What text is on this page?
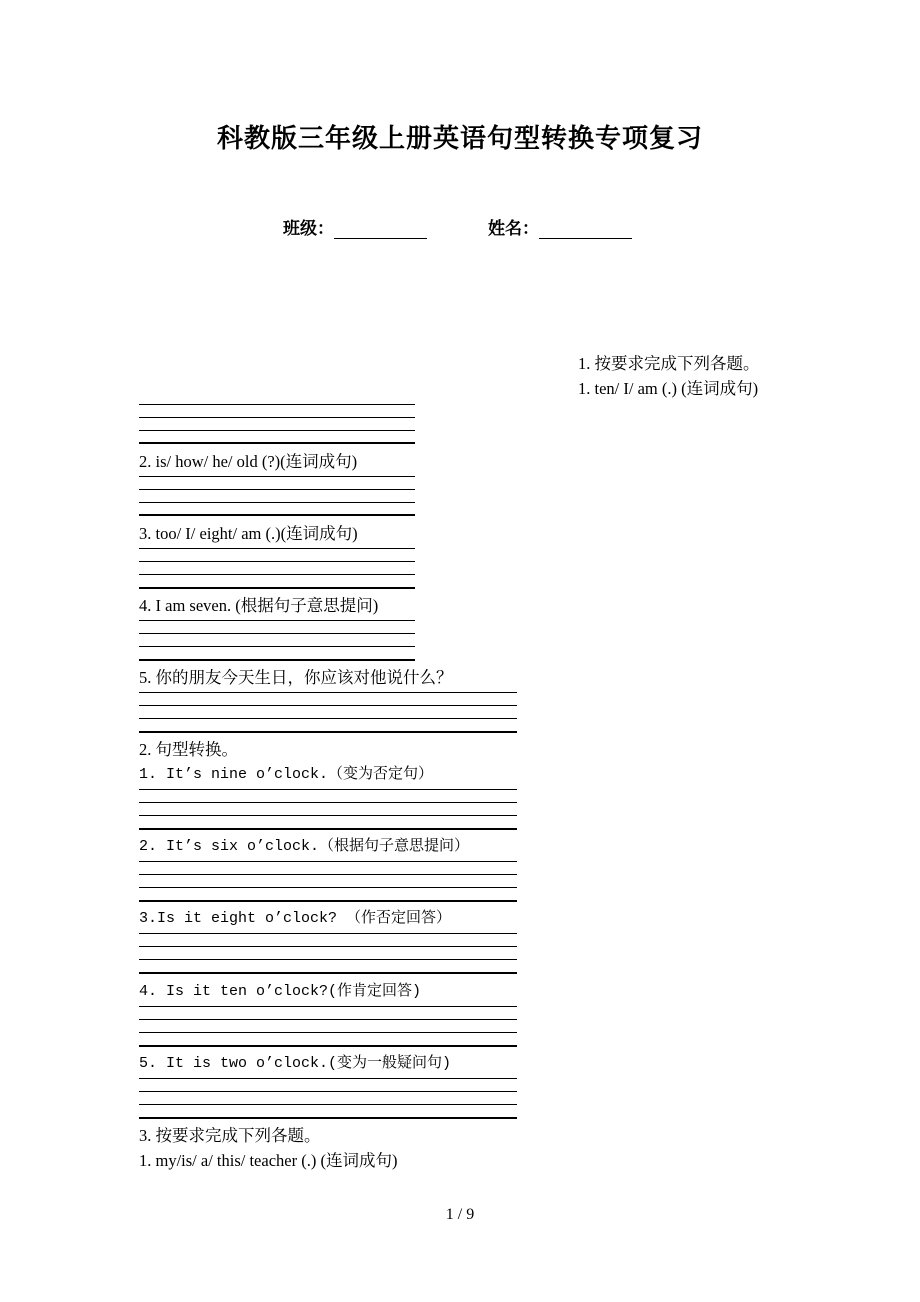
科教版三年级上册英语句型转换专项复习
班级：	姓名：
1. 按要求完成下列各题。
1. ten/ I/ am (.) (连词成句)
2. is/ how/ he/ old (?)(连词成句)
3. too/ I/ eight/ am (.)(连词成句)
4. I am seven. (根据句子意思提问)
5. 你的朋友今天生日，你应该对他说什么？
2. 句型转换。
1. It’s nine o’clock.（变为否定句）
2. It’s six o’clock.（根据句子意思提问）
3.Is it eight o’clock? （作否定回答）
4. Is it ten o’clock?(作肯定回答)
5. It is two o’clock.(变为一般疑问句)
3. 按要求完成下列各题。
1. my/is/ a/ this/ teacher (.) (连词成句)
1 / 9
